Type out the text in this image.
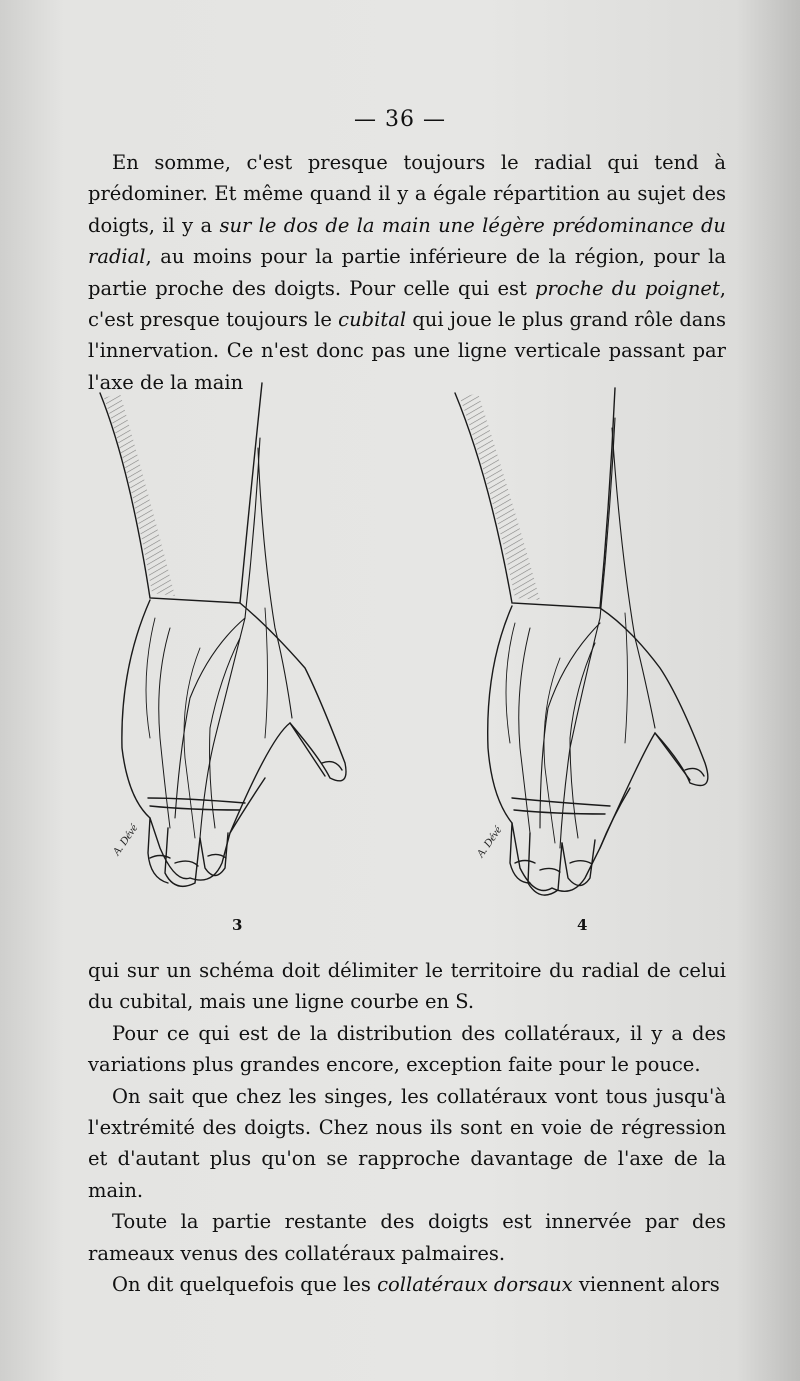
— 36 —

En somme, c'est presque toujours le radial qui tend à prédominer. Et même quand il y a égale répartition au sujet des doigts, il y a sur le dos de la main une légère prédominance du radial, au moins pour la partie inférieure de la région, pour la partie proche des doigts. Pour celle qui est proche du poignet, c'est presque toujours le cubital qui joue le plus grand rôle dans l'innervation. Ce n'est donc pas une ligne verticale passant par l'axe de la main

A. Dévé	A. Dévé
3	4

qui sur un schéma doit délimiter le territoire du radial de celui du cubital, mais une ligne courbe en S.

Pour ce qui est de la distribution des collatéraux, il y a des variations plus grandes encore, exception faite pour le pouce.

On sait que chez les singes, les collatéraux vont tous jusqu'à l'extrémité des doigts. Chez nous ils sont en voie de régression et d'autant plus qu'on se rapproche davantage de l'axe de la main.

Toute la partie restante des doigts est innervée par des rameaux venus des collatéraux palmaires.

On dit quelquefois que les collatéraux dorsaux viennent alors
